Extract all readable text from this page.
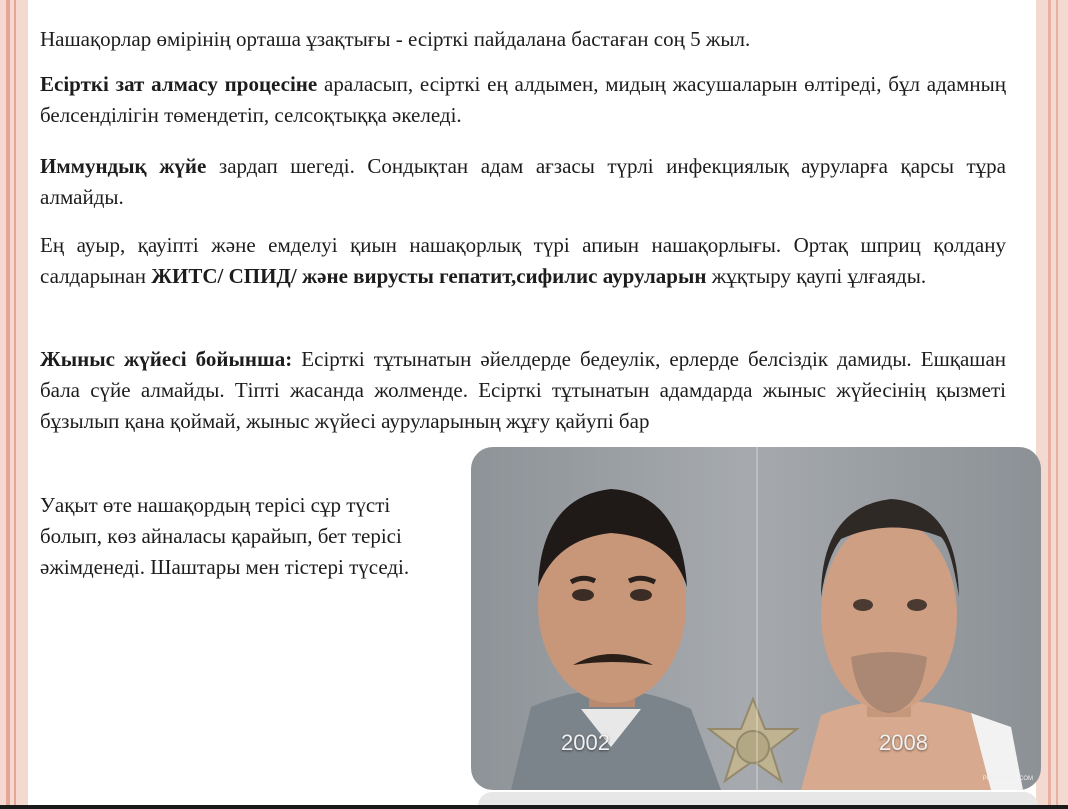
Нашақорлар өмірінің орташа ұзақтығы - есірткі пайдалана бастаған соң 5 жыл.

Есірткі зат алмасу процесіне араласып, есірткі ең алдымен, мидың жасушаларын өлтіреді, бұл адамның белсенділігін төмендетіп, селсоқтыққа әкеледі.

Иммундық жүйе зардап шегеді. Сондықтан адам ағзасы түрлі инфекциялық ауруларға қарсы тұра алмайды.

Ең ауыр, қауіпті және емделуі қиын нашақорлық түрі апиын нашақорлығы. Ортақ шприц қолдану салдарынан ЖИТС/ СПИД/ және вирусты гепатит,сифилис ауруларын жұқтыру қаупі ұлғаяды.

Жыныс жүйесі бойынша: Есірткі тұтынатын әйелдерде бедеулік, ерлерде белсіздік дамиды. Ешқашан бала сүйе алмайды. Тіпті жасанда жолменде. Есірткі тұтынатын адамдарда жыныс жүйесінің қызметі бұзылып қана қоймай, жыныс жүйесі ауруларының жұғу қайупі бар

Уақыт өте нашақордың терісі сұр түсті болып, көз айналасы қарайып, бет терісі әжімденеді. Шаштары мен тістері түседі.

2002	2008
PHOTO-LOL.COM
